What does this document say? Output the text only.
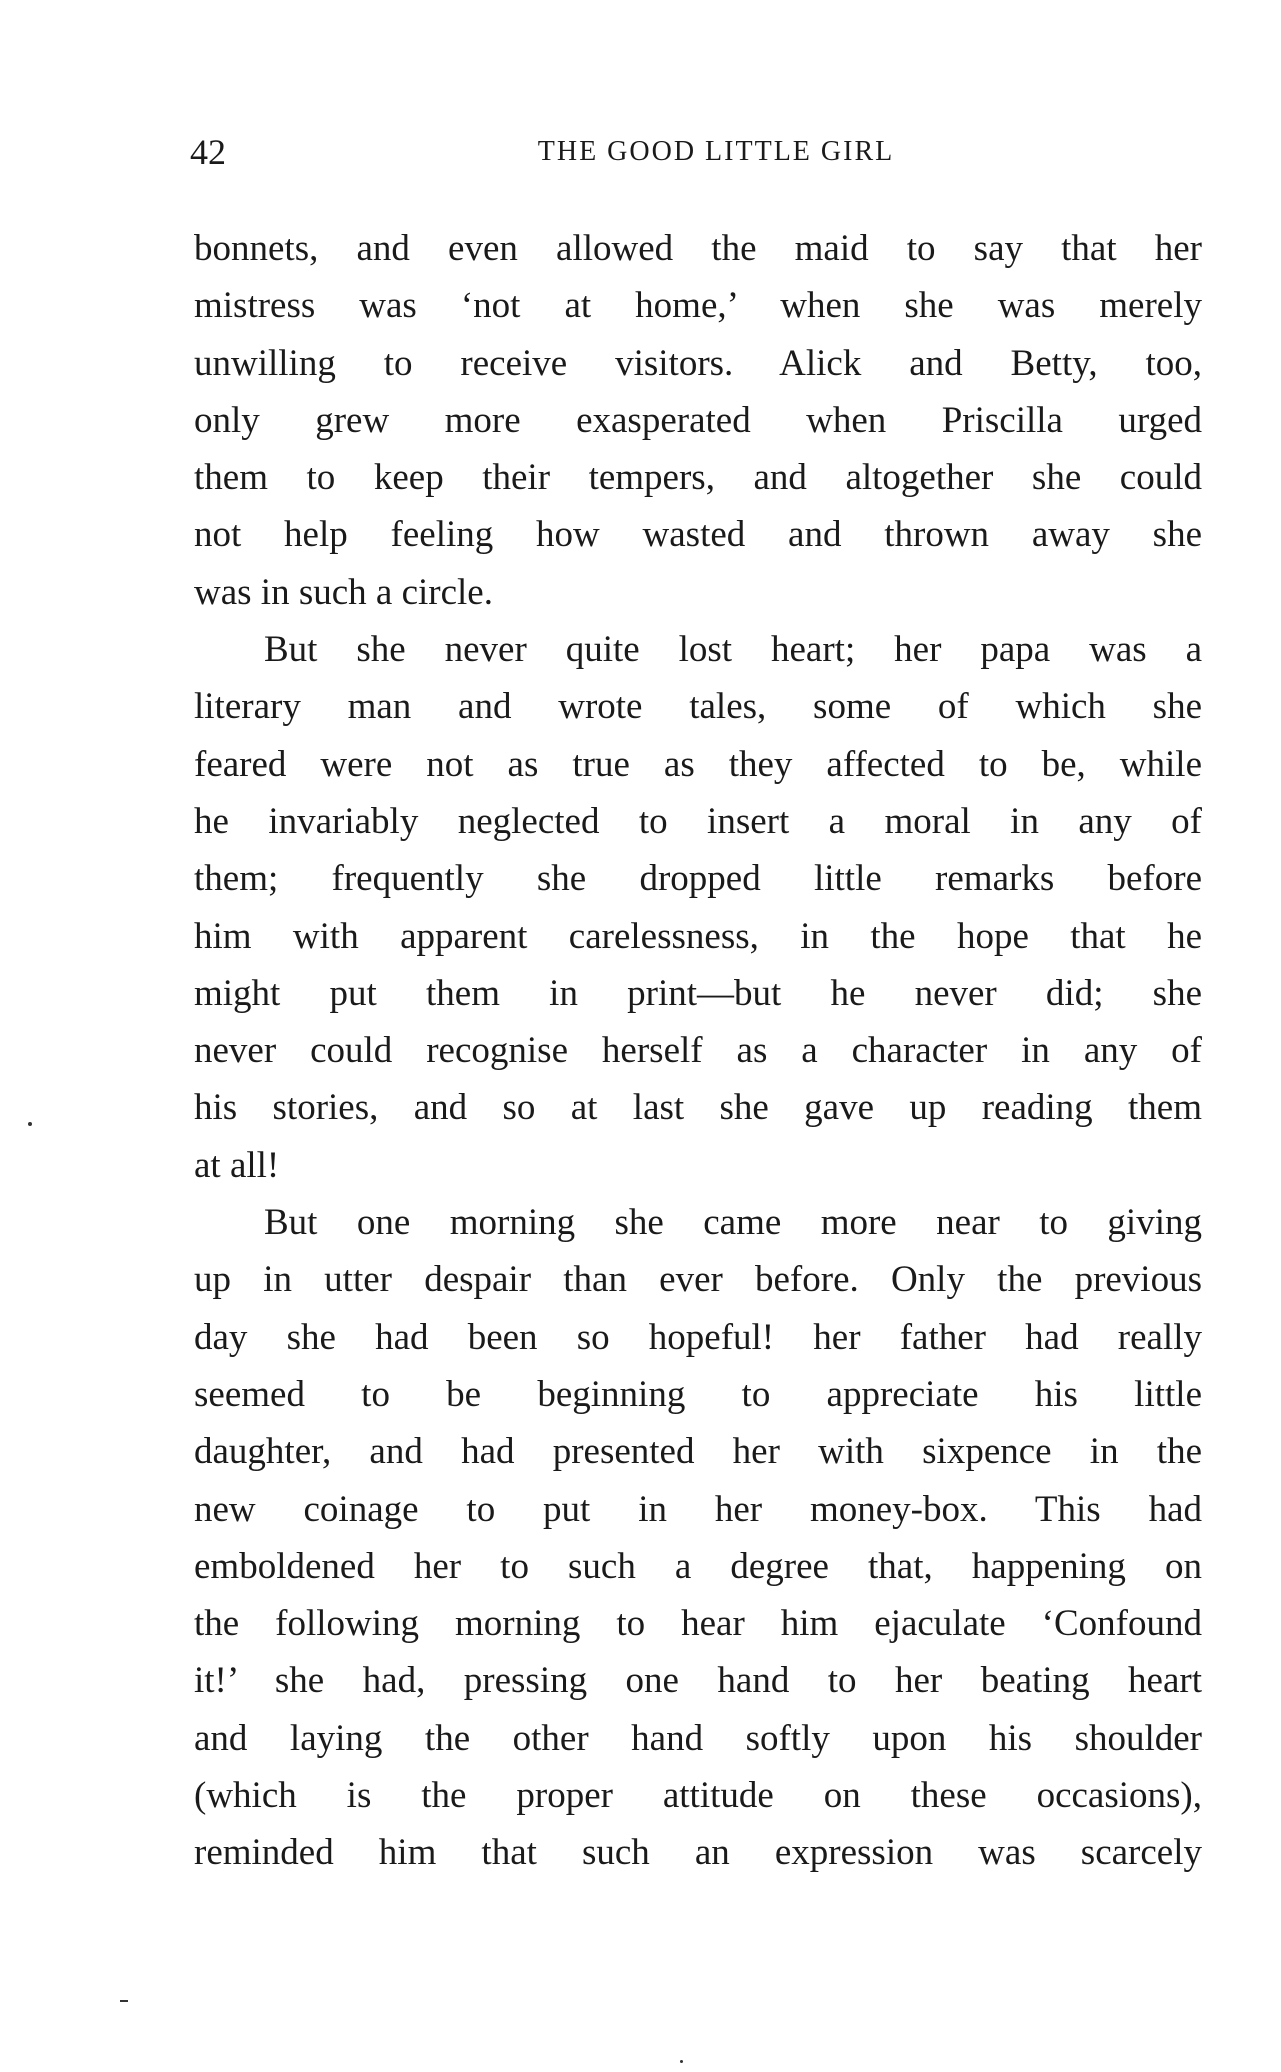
42	THE GOOD LITTLE GIRL
bonnets, and even allowed the maid to say that her
mistress was ‘not at home,’ when she was merely
unwilling to receive visitors. Alick and Betty, too,
only grew more exasperated when Priscilla urged
them to keep their tempers, and altogether she could
not help feeling how wasted and thrown away she
was in such a circle.
But she never quite lost heart; her papa was a
literary man and wrote tales, some of which she
feared were not as true as they affected to be, while
he invariably neglected to insert a moral in any of
them; frequently she dropped little remarks before
him with apparent carelessness, in the hope that he
might put them in print—but he never did; she
never could recognise herself as a character in any of
his stories, and so at last she gave up reading them
at all!
But one morning she came more near to giving
up in utter despair than ever before. Only the previous
day she had been so hopeful! her father had really
seemed to be beginning to appreciate his little
daughter, and had presented her with sixpence in the
new coinage to put in her money-box. This had
emboldened her to such a degree that, happening on
the following morning to hear him ejaculate ‘Confound
it!’ she had, pressing one hand to her beating heart
and laying the other hand softly upon his shoulder
(which is the proper attitude on these occasions),
reminded him that such an expression was scarcely
